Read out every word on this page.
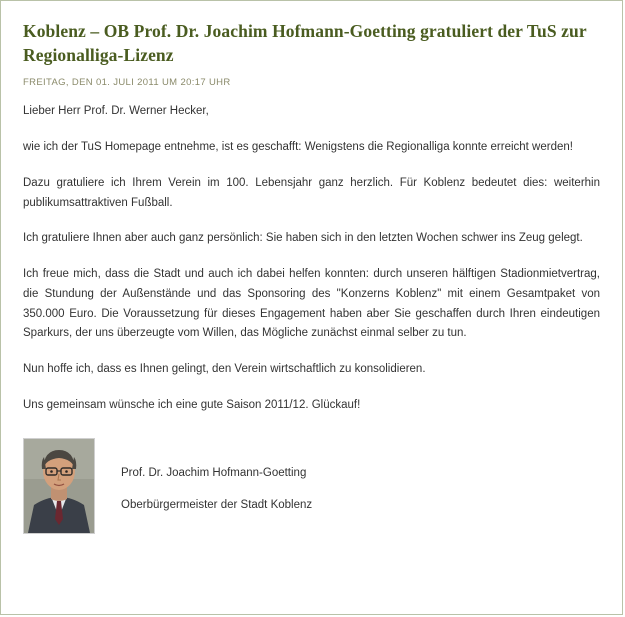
Koblenz – OB Prof. Dr. Joachim Hofmann-Goetting gratuliert der TuS zur Regionalliga-Lizenz
FREITAG, DEN 01. JULI 2011 UM 20:17 UHR

Lieber Herr Prof. Dr. Werner Hecker,

wie ich der TuS Homepage entnehme, ist es geschafft: Wenigstens die Regionalliga konnte erreicht werden!

Dazu gratuliere ich Ihrem Verein im 100. Lebensjahr ganz herzlich. Für Koblenz bedeutet dies: weiterhin publikumsattraktiven Fußball.

Ich gratuliere Ihnen aber auch ganz persönlich: Sie haben sich in den letzten Wochen schwer ins Zeug gelegt.

Ich freue mich, dass die Stadt und auch ich dabei helfen konnten: durch unseren hälftigen Stadionmietvertrag, die Stundung der Außenstände und das Sponsoring des "Konzerns Koblenz" mit einem Gesamtpaket von 350.000 Euro. Die Voraussetzung für dieses Engagement haben aber Sie geschaffen durch Ihren eindeutigen Sparkurs, der uns überzeugte vom Willen, das Mögliche zunächst einmal selber zu tun.

Nun hoffe ich, dass es Ihnen gelingt, den Verein wirtschaftlich zu konsolidieren.

Uns gemeinsam wünsche ich eine gute Saison 2011/12. Glückauf!

Prof. Dr. Joachim Hofmann-Goetting
Oberbürgermeister der Stadt Koblenz
